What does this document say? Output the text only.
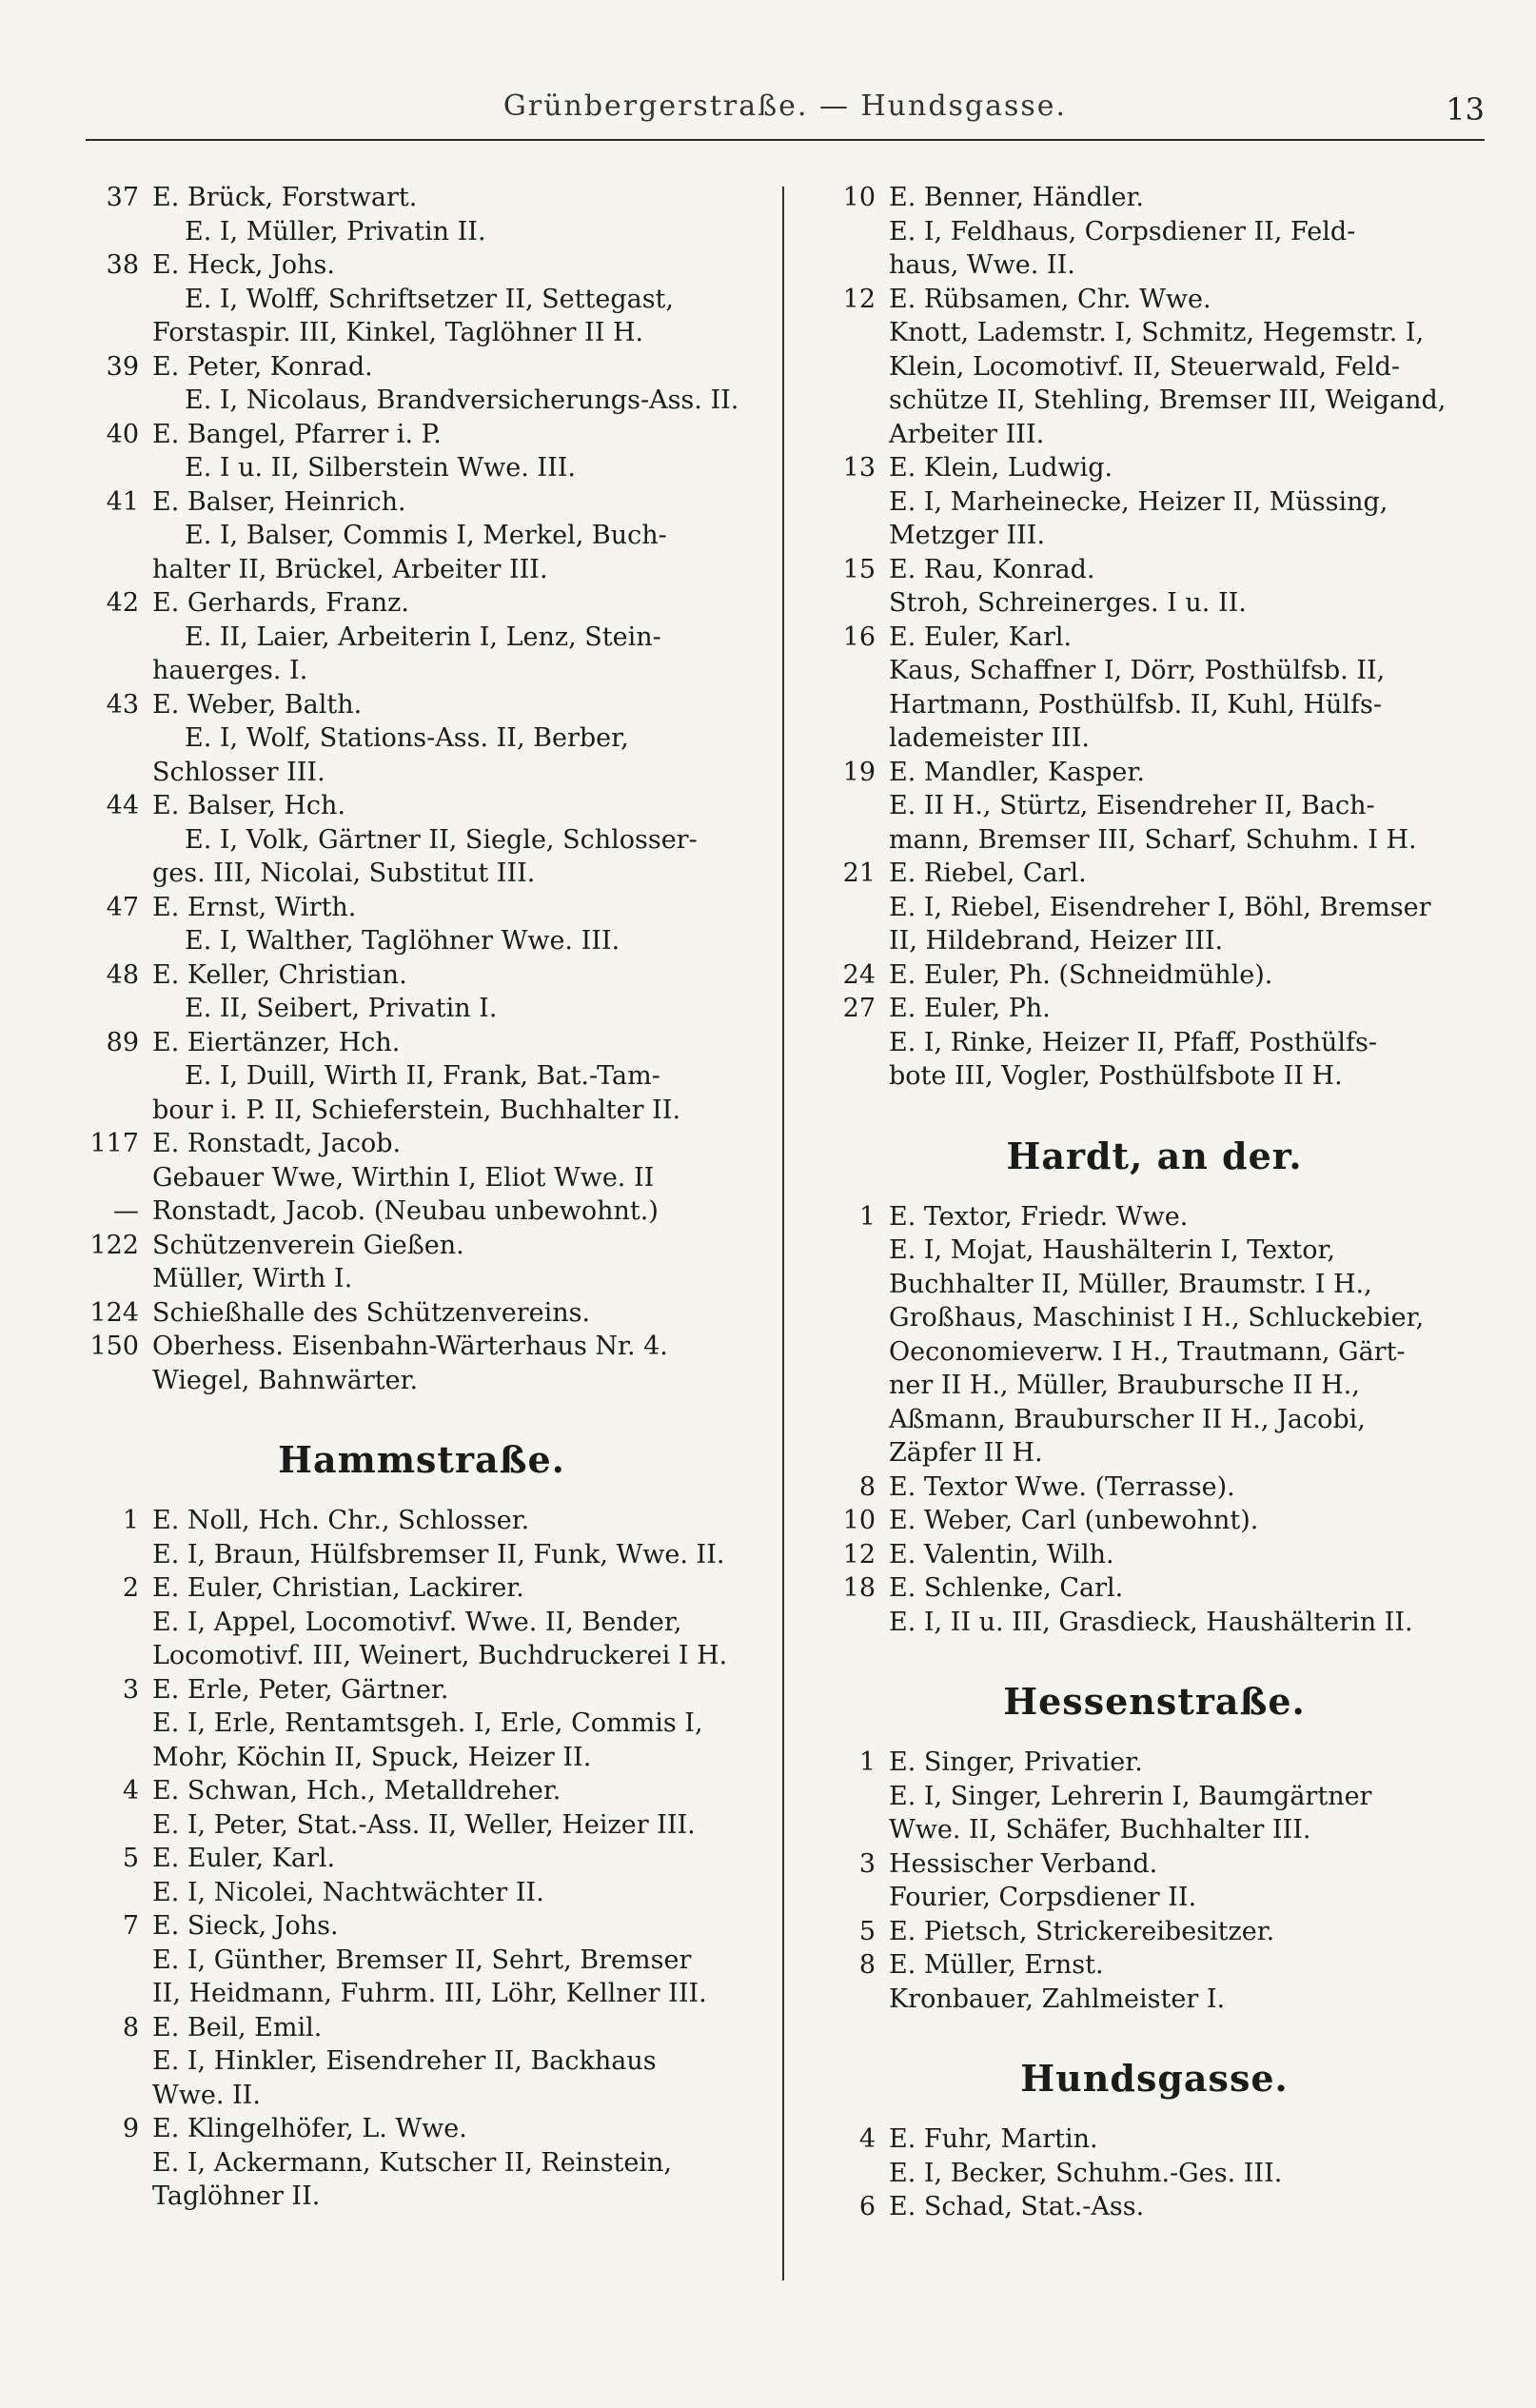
Grünbergerstraße. — Hundsgasse.	13
37 E. Brück, Forstwart.
E. I, Müller, Privatin II.
38 E. Heck, Johs.
E. I, Wolff, Schriftsetzer II, Settegast,
Forstaspir. III, Kinkel, Taglöhner II H.
39 E. Peter, Konrad.
E. I, Nicolaus, Brandversicherungs-Ass. II.
40 E. Bangel, Pfarrer i. P.
E. I u. II, Silberstein Wwe. III.
41 E. Balser, Heinrich.
E. I, Balser, Commis I, Merkel, Buch-
halter II, Brückel, Arbeiter III.
42 E. Gerhards, Franz.
E. II, Laier, Arbeiterin I, Lenz, Stein-
hauerges. I.
43 E. Weber, Balth.
E. I, Wolf, Stations-Ass. II, Berber,
Schlosser III.
44 E. Balser, Hch.
E. I, Volk, Gärtner II, Siegle, Schlosser-
ges. III, Nicolai, Substitut III.
47 E. Ernst, Wirth.
E. I, Walther, Taglöhner Wwe. III.
48 E. Keller, Christian.
E. II, Seibert, Privatin I.
89 E. Eiertänzer, Hch.
E. I, Duill, Wirth II, Frank, Bat.-Tam-
bour i. P. II, Schieferstein, Buchhalter II.
117 E. Ronstadt, Jacob.
Gebauer Wwe, Wirthin I, Eliot Wwe. II
— Ronstadt, Jacob. (Neubau unbewohnt.)
122 Schützenverein Gießen.
Müller, Wirth I.
124 Schießhalle des Schützenvereins.
150 Oberhess. Eisenbahn-Wärterhaus Nr. 4.
Wiegel, Bahnwärter.
Hammstraße.
1 E. Noll, Hch. Chr., Schlosser.
E. I, Braun, Hülfsbremser II, Funk, Wwe. II.
2 E. Euler, Christian, Lackirer.
E. I, Appel, Locomotivf. Wwe. II, Bender,
Locomotivf. III, Weinert, Buchdruckerei I H.
3 E. Erle, Peter, Gärtner.
E. I, Erle, Rentamtsgeh. I, Erle, Commis I,
Mohr, Köchin II, Spuck, Heizer II.
4 E. Schwan, Hch., Metalldreher.
E. I, Peter, Stat.-Ass. II, Weller, Heizer III.
5 E. Euler, Karl.
E. I, Nicolei, Nachtwächter II.
7 E. Sieck, Johs.
E. I, Günther, Bremser II, Sehrt, Bremser
II, Heidmann, Fuhrm. III, Löhr, Kellner III.
8 E. Beil, Emil.
E. I, Hinkler, Eisendreher II, Backhaus
Wwe. II.
9 E. Klingelhöfer, L. Wwe.
E. I, Ackermann, Kutscher II, Reinstein,
Taglöhner II.
10 E. Benner, Händler.
E. I, Feldhaus, Corpsdiener II, Feld-
haus, Wwe. II.
12 E. Rübsamen, Chr. Wwe.
Knott, Lademstr. I, Schmitz, Hegemstr. I,
Klein, Locomotivf. II, Steuerwald, Feld-
schütze II, Stehling, Bremser III, Weigand,
Arbeiter III.
13 E. Klein, Ludwig.
E. I, Marheinecke, Heizer II, Müssing,
Metzger III.
15 E. Rau, Konrad.
Stroh, Schreinerges. I u. II.
16 E. Euler, Karl.
Kaus, Schaffner I, Dörr, Posthülfsb. II,
Hartmann, Posthülfsb. II, Kuhl, Hülfs-
lademeister III.
19 E. Mandler, Kasper.
E. II H., Stürtz, Eisendreher II, Bach-
mann, Bremser III, Scharf, Schuhm. I H.
21 E. Riebel, Carl.
E. I, Riebel, Eisendreher I, Böhl, Bremser
II, Hildebrand, Heizer III.
24 E. Euler, Ph. (Schneidmühle).
27 E. Euler, Ph.
E. I, Rinke, Heizer II, Pfaff, Posthülfs-
bote III, Vogler, Posthülfsbote II H.
Hardt, an der.
1 E. Textor, Friedr. Wwe.
E. I, Mojat, Haushälterin I, Textor,
Buchhalter II, Müller, Braumstr. I H.,
Großhaus, Maschinist I H., Schluckebier,
Oeconomieverw. I H., Trautmann, Gärt-
ner II H., Müller, Braubursche II H.,
Aßmann, Brauburscher II H., Jacobi,
Zäpfer II H.
8 E. Textor Wwe. (Terrasse).
10 E. Weber, Carl (unbewohnt).
12 E. Valentin, Wilh.
18 E. Schlenke, Carl.
E. I, II u. III, Grasdieck, Haushälterin II.
Hessenstraße.
1 E. Singer, Privatier.
E. I, Singer, Lehrerin I, Baumgärtner
Wwe. II, Schäfer, Buchhalter III.
3 Hessischer Verband.
Fourier, Corpsdiener II.
5 E. Pietsch, Strickereibesitzer.
8 E. Müller, Ernst.
Kronbauer, Zahlmeister I.
Hundsgasse.
4 E. Fuhr, Martin.
E. I, Becker, Schuhm.-Ges. III.
6 E. Schad, Stat.-Ass.
